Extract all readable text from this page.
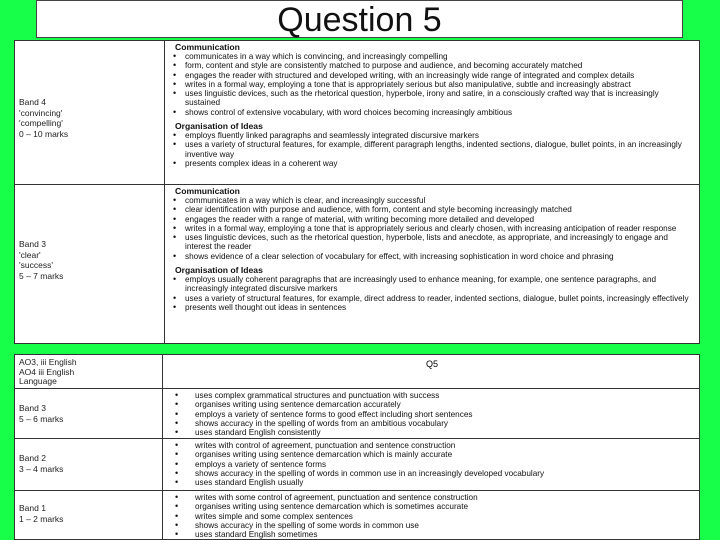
Question 5
Band 4
'convincing'
'compelling'
0 – 10 marks
Communication
• communicates in a way which is convincing, and increasingly compelling
• form, content and style are consistently matched to purpose and audience, and becoming accurately matched
• engages the reader with structured and developed writing, with an increasingly wide range of integrated and complex details
• writes in a formal way, employing a tone that is appropriately serious but also manipulative, subtle and increasingly abstract
• uses linguistic devices, such as the rhetorical question, hyperbole, irony and satire, in a consciously crafted way that is increasingly sustained
• shows control of extensive vocabulary, with word choices becoming increasingly ambitious
Organisation of Ideas
• employs fluently linked paragraphs and seamlessly integrated discursive markers
• uses a variety of structural features, for example, different paragraph lengths, indented sections, dialogue, bullet points, in an increasingly inventive way
• presents complex ideas in a coherent way
Band 3
'clear'
'success'
5 – 7 marks
Communication
• communicates in a way which is clear, and increasingly successful
• clear identification with purpose and audience, with form, content and style becoming increasingly matched
• engages the reader with a range of material, with writing becoming more detailed and developed
• writes in a formal way, employing a tone that is appropriately serious and clearly chosen, with increasing anticipation of reader response
• uses linguistic devices, such as the rhetorical question, hyperbole, lists and anecdote, as appropriate, and increasingly to engage and interest the reader
• shows evidence of a clear selection of vocabulary for effect, with increasing sophistication in word choice and phrasing
Organisation of Ideas
• employs usually coherent paragraphs that are increasingly used to enhance meaning, for example, one sentence paragraphs, and increasingly integrated discursive markers
• uses a variety of structural features, for example, direct address to reader, indented sections, dialogue, bullet points, increasingly effectively
• presents well thought out ideas in sentences
AO3, iii English
AO4 iii English
Language
Q5
Band 3
5 – 6 marks
• uses complex grammatical structures and punctuation with success
• organises writing using sentence demarcation accurately
• employs a variety of sentence forms to good effect including short sentences
• shows accuracy in the spelling of words from an ambitious vocabulary
• uses standard English consistently
Band 2
3 – 4 marks
• writes with control of agreement, punctuation and sentence construction
• organises writing using sentence demarcation which is mainly accurate
• employs a variety of sentence forms
• shows accuracy in the spelling of words in common use in an increasingly developed vocabulary
• uses standard English usually
Band 1
1 – 2 marks
• writes with some control of agreement, punctuation and sentence construction
• organises writing using sentence demarcation which is sometimes accurate
• writes simple and some complex sentences
• shows accuracy in the spelling of some words in common use
• uses standard English sometimes
